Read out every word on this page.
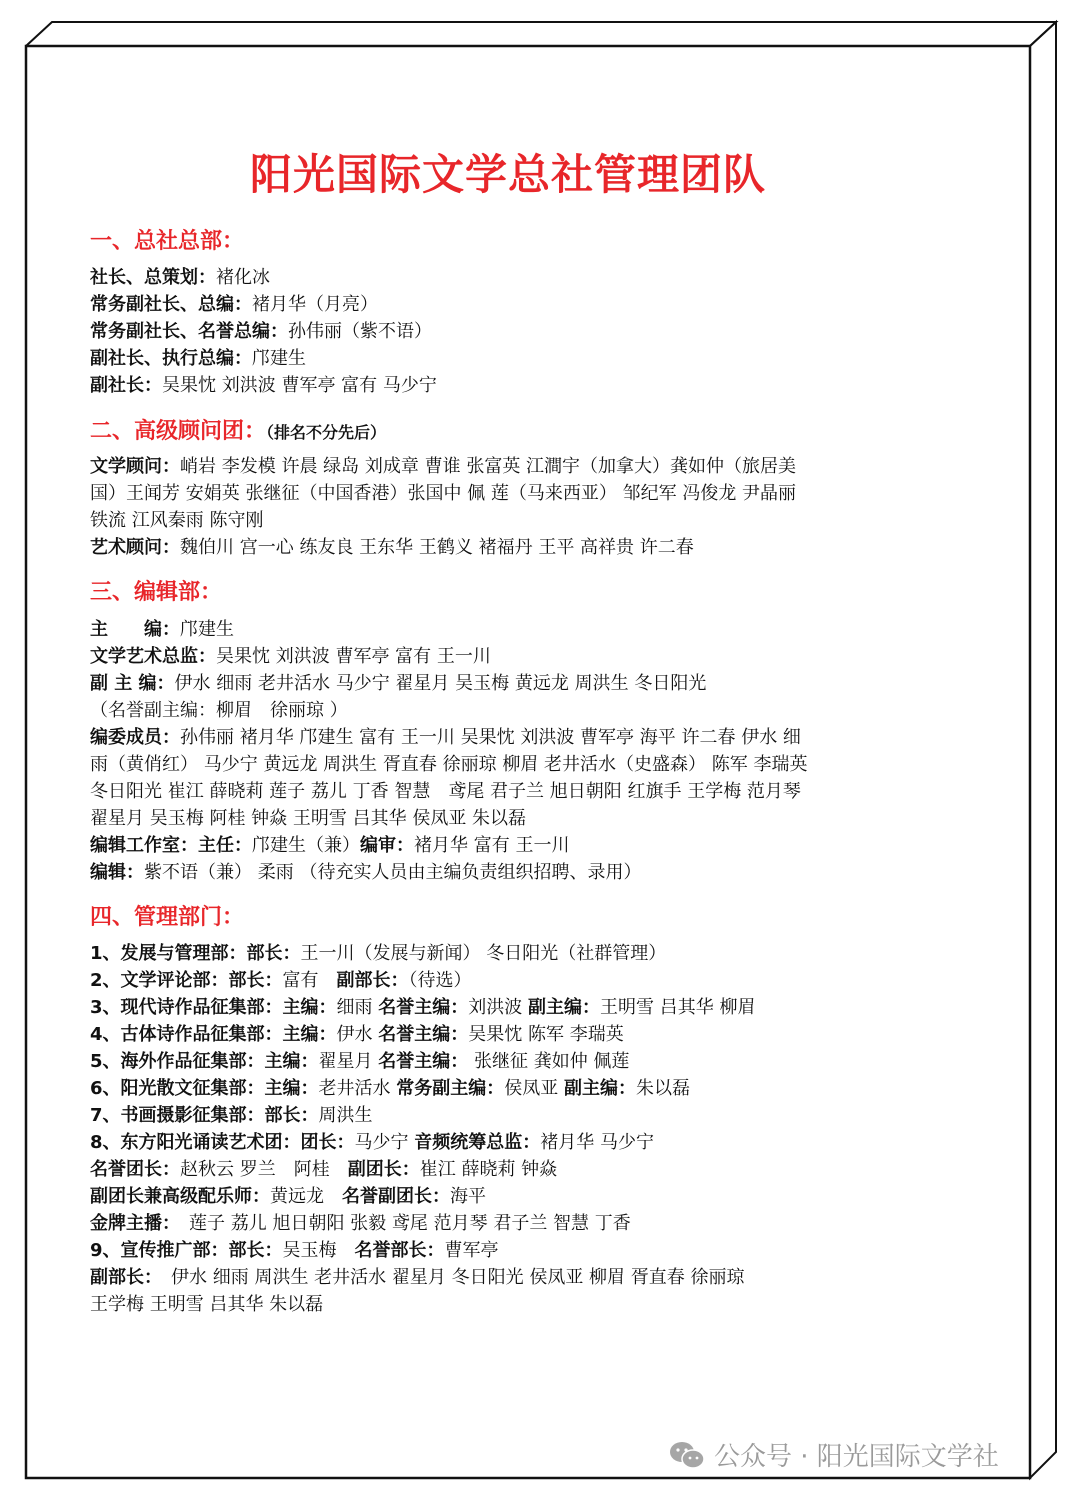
阳光国际文学总社管理团队
一、总社总部：
社长、总策划：褚化冰
常务副社长、总编：褚月华（月亮）
常务副社长、名誉总编：孙伟丽（紫不语）
副社长、执行总编：邝建生
副社长：吴果忱 刘洪波 曹军亭 富有 马少宁
二、高级顾问团：（排名不分先后）
文学顾问：峭岩 李发模 许晨 绿岛 刘成章 曹谁 张富英 江澗宇（加拿大）龚如仲（旅居美
国）王闻芳 安娟英 张继征（中国香港）张国中 佩 莲（马来西亚） 邹纪军 冯俊龙 尹晶丽
铁流 江风秦雨 陈守刚
艺术顾问：魏伯川 宫一心 练友良 王东华 王鹤义 褚福丹 王平 高祥贵 许二春
三、编辑部：
主　　编：邝建生
文学艺术总监：吴果忱 刘洪波 曹军亭 富有 王一川
副 主 编：伊水 细雨 老井活水 马少宁 翟星月 吴玉梅 黄远龙 周洪生 冬日阳光
（名誉副主编：柳眉　徐丽琼 ）
编委成员：孙伟丽 褚月华 邝建生 富有 王一川 吴果忱 刘洪波 曹军亭 海平 许二春 伊水 细
雨（黄俏红） 马少宁 黄远龙 周洪生 胥直春 徐丽琼 柳眉 老井活水（史盛森） 陈军 李瑞英
冬日阳光 崔江 薛晓莉 莲子 荔儿 丁香 智慧　鸢尾 君子兰 旭日朝阳 红旗手 王学梅 范月琴
翟星月 吴玉梅 阿桂 钟焱 王明雪 吕其华 侯凤亚 朱以磊
编辑工作室：主任：邝建生（兼）编审：褚月华 富有 王一川
编辑：紫不语（兼） 柔雨 （待充实人员由主编负责组织招聘、录用）
四、管理部门：
1、发展与管理部：部长：王一川（发展与新闻） 冬日阳光（社群管理）
2、文学评论部：部长：富有　副部长：（待选）
3、现代诗作品征集部：主编：细雨 名誉主编：刘洪波 副主编：王明雪 吕其华 柳眉
4、古体诗作品征集部：主编：伊水 名誉主编：吴果忱 陈军 李瑞英
5、海外作品征集部：主编：翟星月 名誉主编： 张继征 龚如仲 佩莲
6、阳光散文征集部：主编：老井活水 常务副主编：侯凤亚 副主编：朱以磊
7、书画摄影征集部：部长：周洪生
8、东方阳光诵读艺术团：团长：马少宁 音频统筹总监：褚月华 马少宁
名誉团长：赵秋云 罗兰　阿桂　副团长：崔江 薛晓莉 钟焱
副团长兼高级配乐师：黄远龙　名誉副团长：海平
金牌主播：　莲子 荔儿 旭日朝阳 张毅 鸢尾 范月琴 君子兰 智慧 丁香
9、宣传推广部：部长：吴玉梅　名誉部长：曹军亭
副部长：　伊水 细雨 周洪生 老井活水 翟星月 冬日阳光 侯凤亚 柳眉 胥直春 徐丽琼
王学梅 王明雪 吕其华 朱以磊
公众号 · 阳光国际文学社
